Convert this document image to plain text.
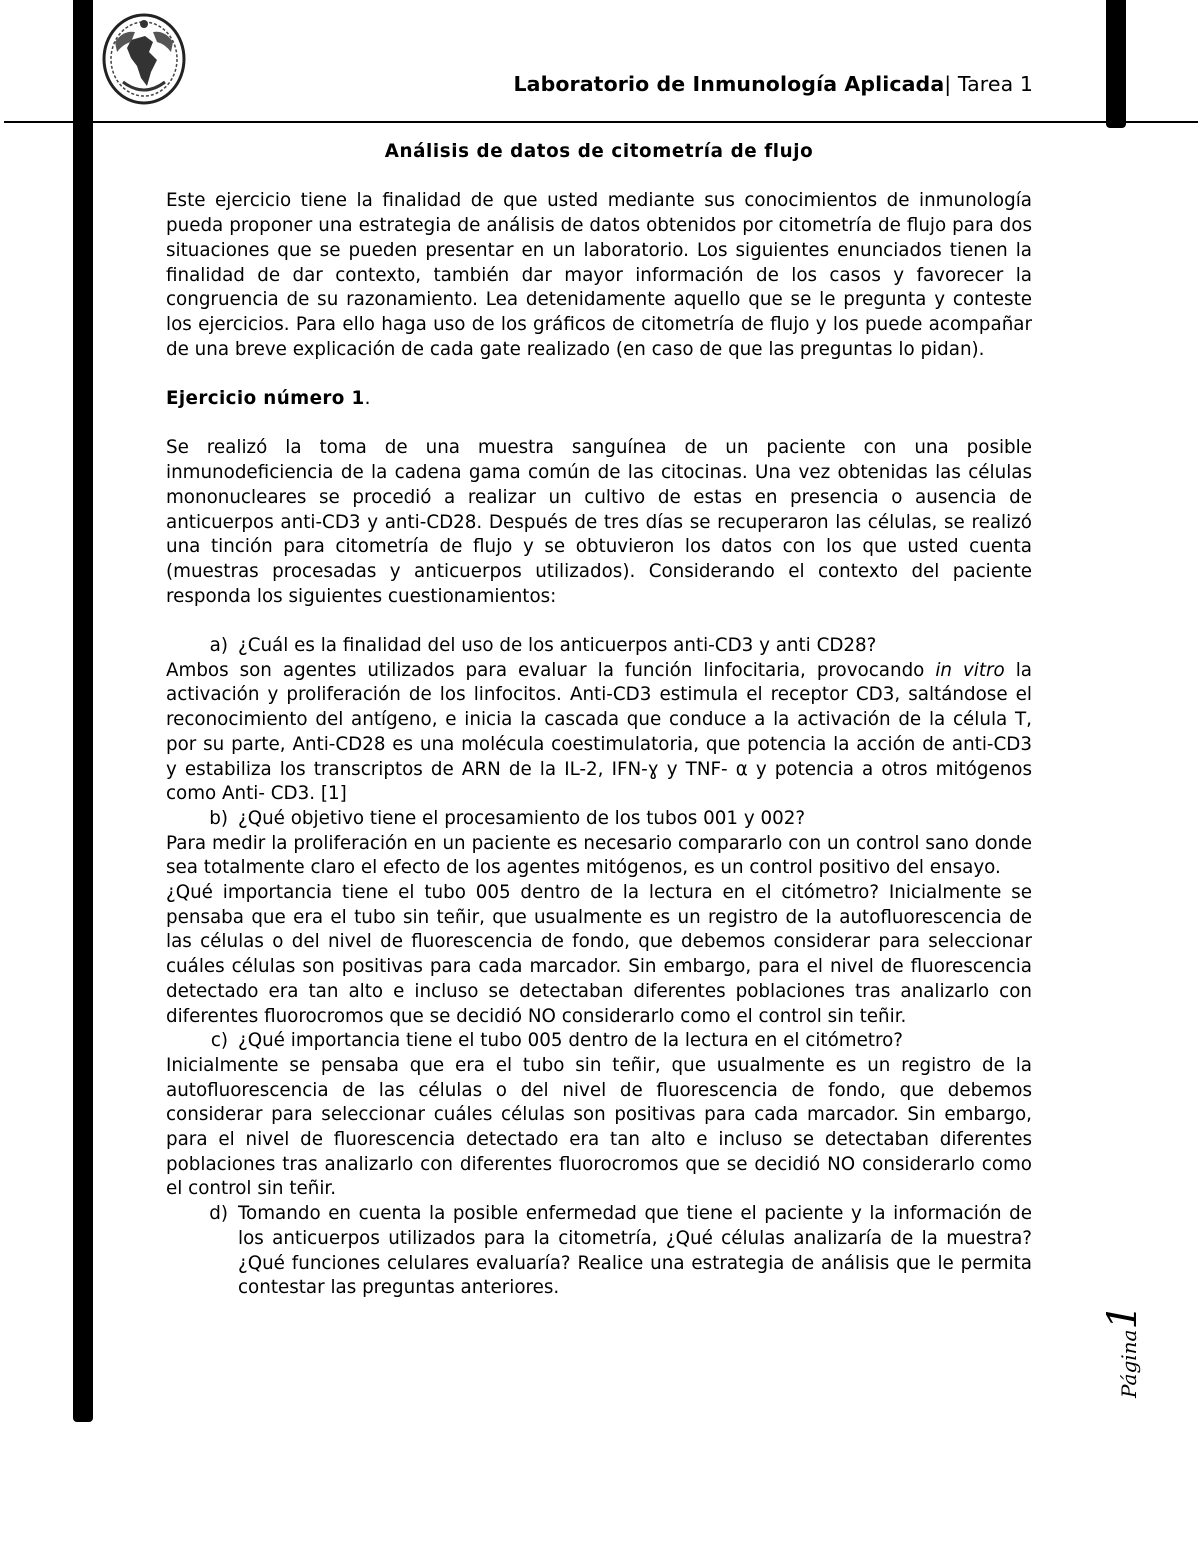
Laboratorio de Inmunología Aplicada| Tarea 1
Página1

Análisis de datos de citometría de flujo

Este ejercicio tiene la finalidad de que usted mediante sus conocimientos de inmunología pueda proponer una estrategia de análisis de datos obtenidos por citometría de flujo para dos situaciones que se pueden presentar en un laboratorio. Los siguientes enunciados tienen la finalidad de dar contexto, también dar mayor información de los casos y favorecer la congruencia de su razonamiento. Lea detenidamente aquello que se le pregunta y conteste los ejercicios. Para ello haga uso de los gráficos de citometría de flujo y los puede acompañar de una breve explicación de cada gate realizado (en caso de que las preguntas lo pidan).

Ejercicio número 1.

Se realizó la toma de una muestra sanguínea de un paciente con una posible inmunodeficiencia de la cadena gama común de las citocinas. Una vez obtenidas las células mononucleares se procedió a realizar un cultivo de estas en presencia o ausencia de anticuerpos anti-CD3 y anti-CD28. Después de tres días se recuperaron las células, se realizó una tinción para citometría de flujo y se obtuvieron los datos con los que usted cuenta (muestras procesadas y anticuerpos utilizados). Considerando el contexto del paciente responda los siguientes cuestionamientos:

a) ¿Cuál es la finalidad del uso de los anticuerpos anti-CD3 y anti CD28?

Ambos son agentes utilizados para evaluar la función linfocitaria, provocando in vitro la activación y proliferación de los linfocitos. Anti-CD3 estimula el receptor CD3, saltándose el reconocimiento del antígeno, e inicia la cascada que conduce a la activación de la célula T, por su parte, Anti-CD28 es una molécula coestimulatoria, que potencia la acción de anti-CD3 y estabiliza los transcriptos de ARN de la IL-2, IFN-ɣ y TNF- α y potencia a otros mitógenos como Anti- CD3. [1]

b) ¿Qué objetivo tiene el procesamiento de los tubos 001 y 002?

Para medir la proliferación en un paciente es necesario compararlo con un control sano donde sea totalmente claro el efecto de los agentes mitógenos, es un control positivo del ensayo.

¿Qué importancia tiene el tubo 005 dentro de la lectura en el citómetro? Inicialmente se pensaba que era el tubo sin teñir, que usualmente es un registro de la autofluorescencia de las células o del nivel de fluorescencia de fondo, que debemos considerar para seleccionar cuáles células son positivas para cada marcador. Sin embargo, para el nivel de fluorescencia detectado era tan alto e incluso se detectaban diferentes poblaciones tras analizarlo con diferentes fluorocromos que se decidió NO considerarlo como el control sin teñir.

c) ¿Qué importancia tiene el tubo 005 dentro de la lectura en el citómetro?

Inicialmente se pensaba que era el tubo sin teñir, que usualmente es un registro de la autofluorescencia de las células o del nivel de fluorescencia de fondo, que debemos considerar para seleccionar cuáles células son positivas para cada marcador. Sin embargo, para el nivel de fluorescencia detectado era tan alto e incluso se detectaban diferentes poblaciones tras analizarlo con diferentes fluorocromos que se decidió NO considerarlo como el control sin teñir.

d) Tomando en cuenta la posible enfermedad que tiene el paciente y la información de los anticuerpos utilizados para la citometría, ¿Qué células analizaría de la muestra? ¿Qué funciones celulares evaluaría? Realice una estrategia de análisis que le permita contestar las preguntas anteriores.
